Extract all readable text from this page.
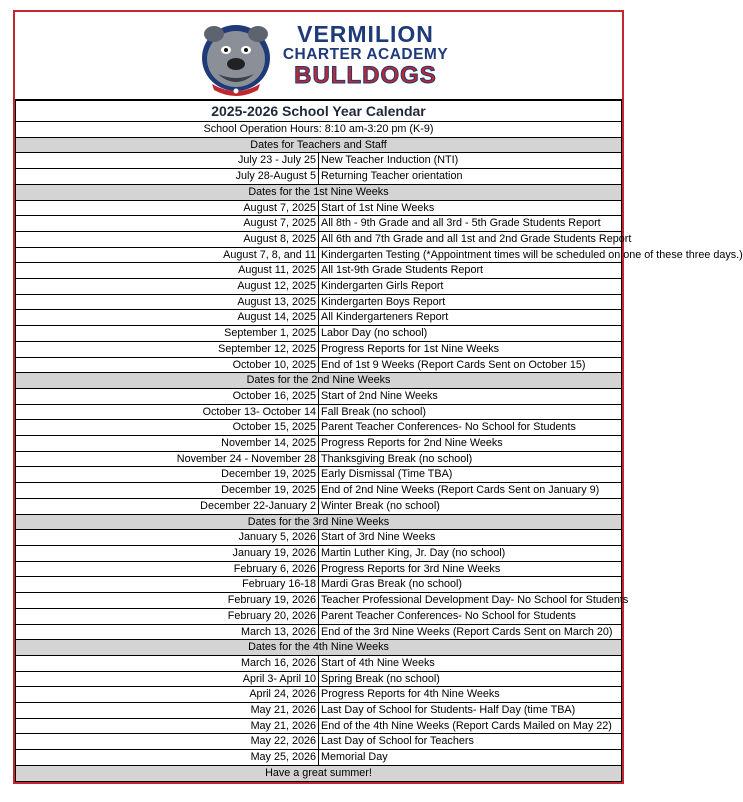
VERMILION
CHARTER ACADEMY
BULLDOGS
2025-2026 School Year Calendar	
School Operation Hours: 8:10 am-3:20 pm (K-9)	
Dates for Teachers and Staff	
July 23 - July 25	New Teacher Induction (NTI)
July 28-August 5	Returning Teacher orientation
Dates for the 1st Nine Weeks	
August 7, 2025	Start of 1st Nine Weeks
August 7, 2025	All 8th - 9th Grade and all 3rd - 5th Grade Students Report
August 8, 2025	All 6th and 7th Grade and all 1st and 2nd Grade Students Report
August 7, 8, and 11	Kindergarten Testing (*Appointment times will be scheduled on one of these three days.)
August 11, 2025	All 1st-9th Grade Students Report
August 12, 2025	Kindergarten Girls Report
August 13, 2025	Kindergarten Boys Report
August 14, 2025	All Kindergarteners Report
September 1, 2025	Labor Day (no school)
September 12, 2025	Progress Reports for 1st Nine Weeks
October 10, 2025	End of 1st 9 Weeks (Report Cards Sent on October 15)
Dates for the 2nd Nine Weeks	
October 16, 2025	Start of 2nd Nine Weeks
October 13- October 14	Fall Break (no school)
October 15, 2025	Parent Teacher Conferences- No School for Students
November 14, 2025	Progress Reports for 2nd Nine Weeks
November 24 - November 28	Thanksgiving Break (no school)
December 19, 2025	Early Dismissal (Time TBA)
December 19, 2025	End of 2nd Nine Weeks (Report Cards Sent on January 9)
December 22-January 2	Winter Break (no school)
Dates for the 3rd Nine Weeks	
January 5, 2026	Start of 3rd Nine Weeks
January 19, 2026	Martin Luther King, Jr. Day (no school)
February 6, 2026	Progress Reports for 3rd Nine Weeks
February 16-18	Mardi Gras Break (no school)
February 19, 2026	Teacher Professional Development Day- No School for Students
February 20, 2026	Parent Teacher Conferences- No School for Students
March 13, 2026	End of the 3rd Nine Weeks (Report Cards Sent on March 20)
Dates for the 4th Nine Weeks	
March 16, 2026	Start of 4th Nine Weeks
April 3- April 10	Spring Break (no school)
April 24, 2026	Progress Reports for 4th Nine Weeks
May 21, 2026	Last Day of School for Students- Half Day (time TBA)
May 21, 2026	End of the 4th Nine Weeks (Report Cards Mailed on May 22)
May 22, 2026	Last Day of School for Teachers
May 25, 2026	Memorial Day
Have a great summer!	
